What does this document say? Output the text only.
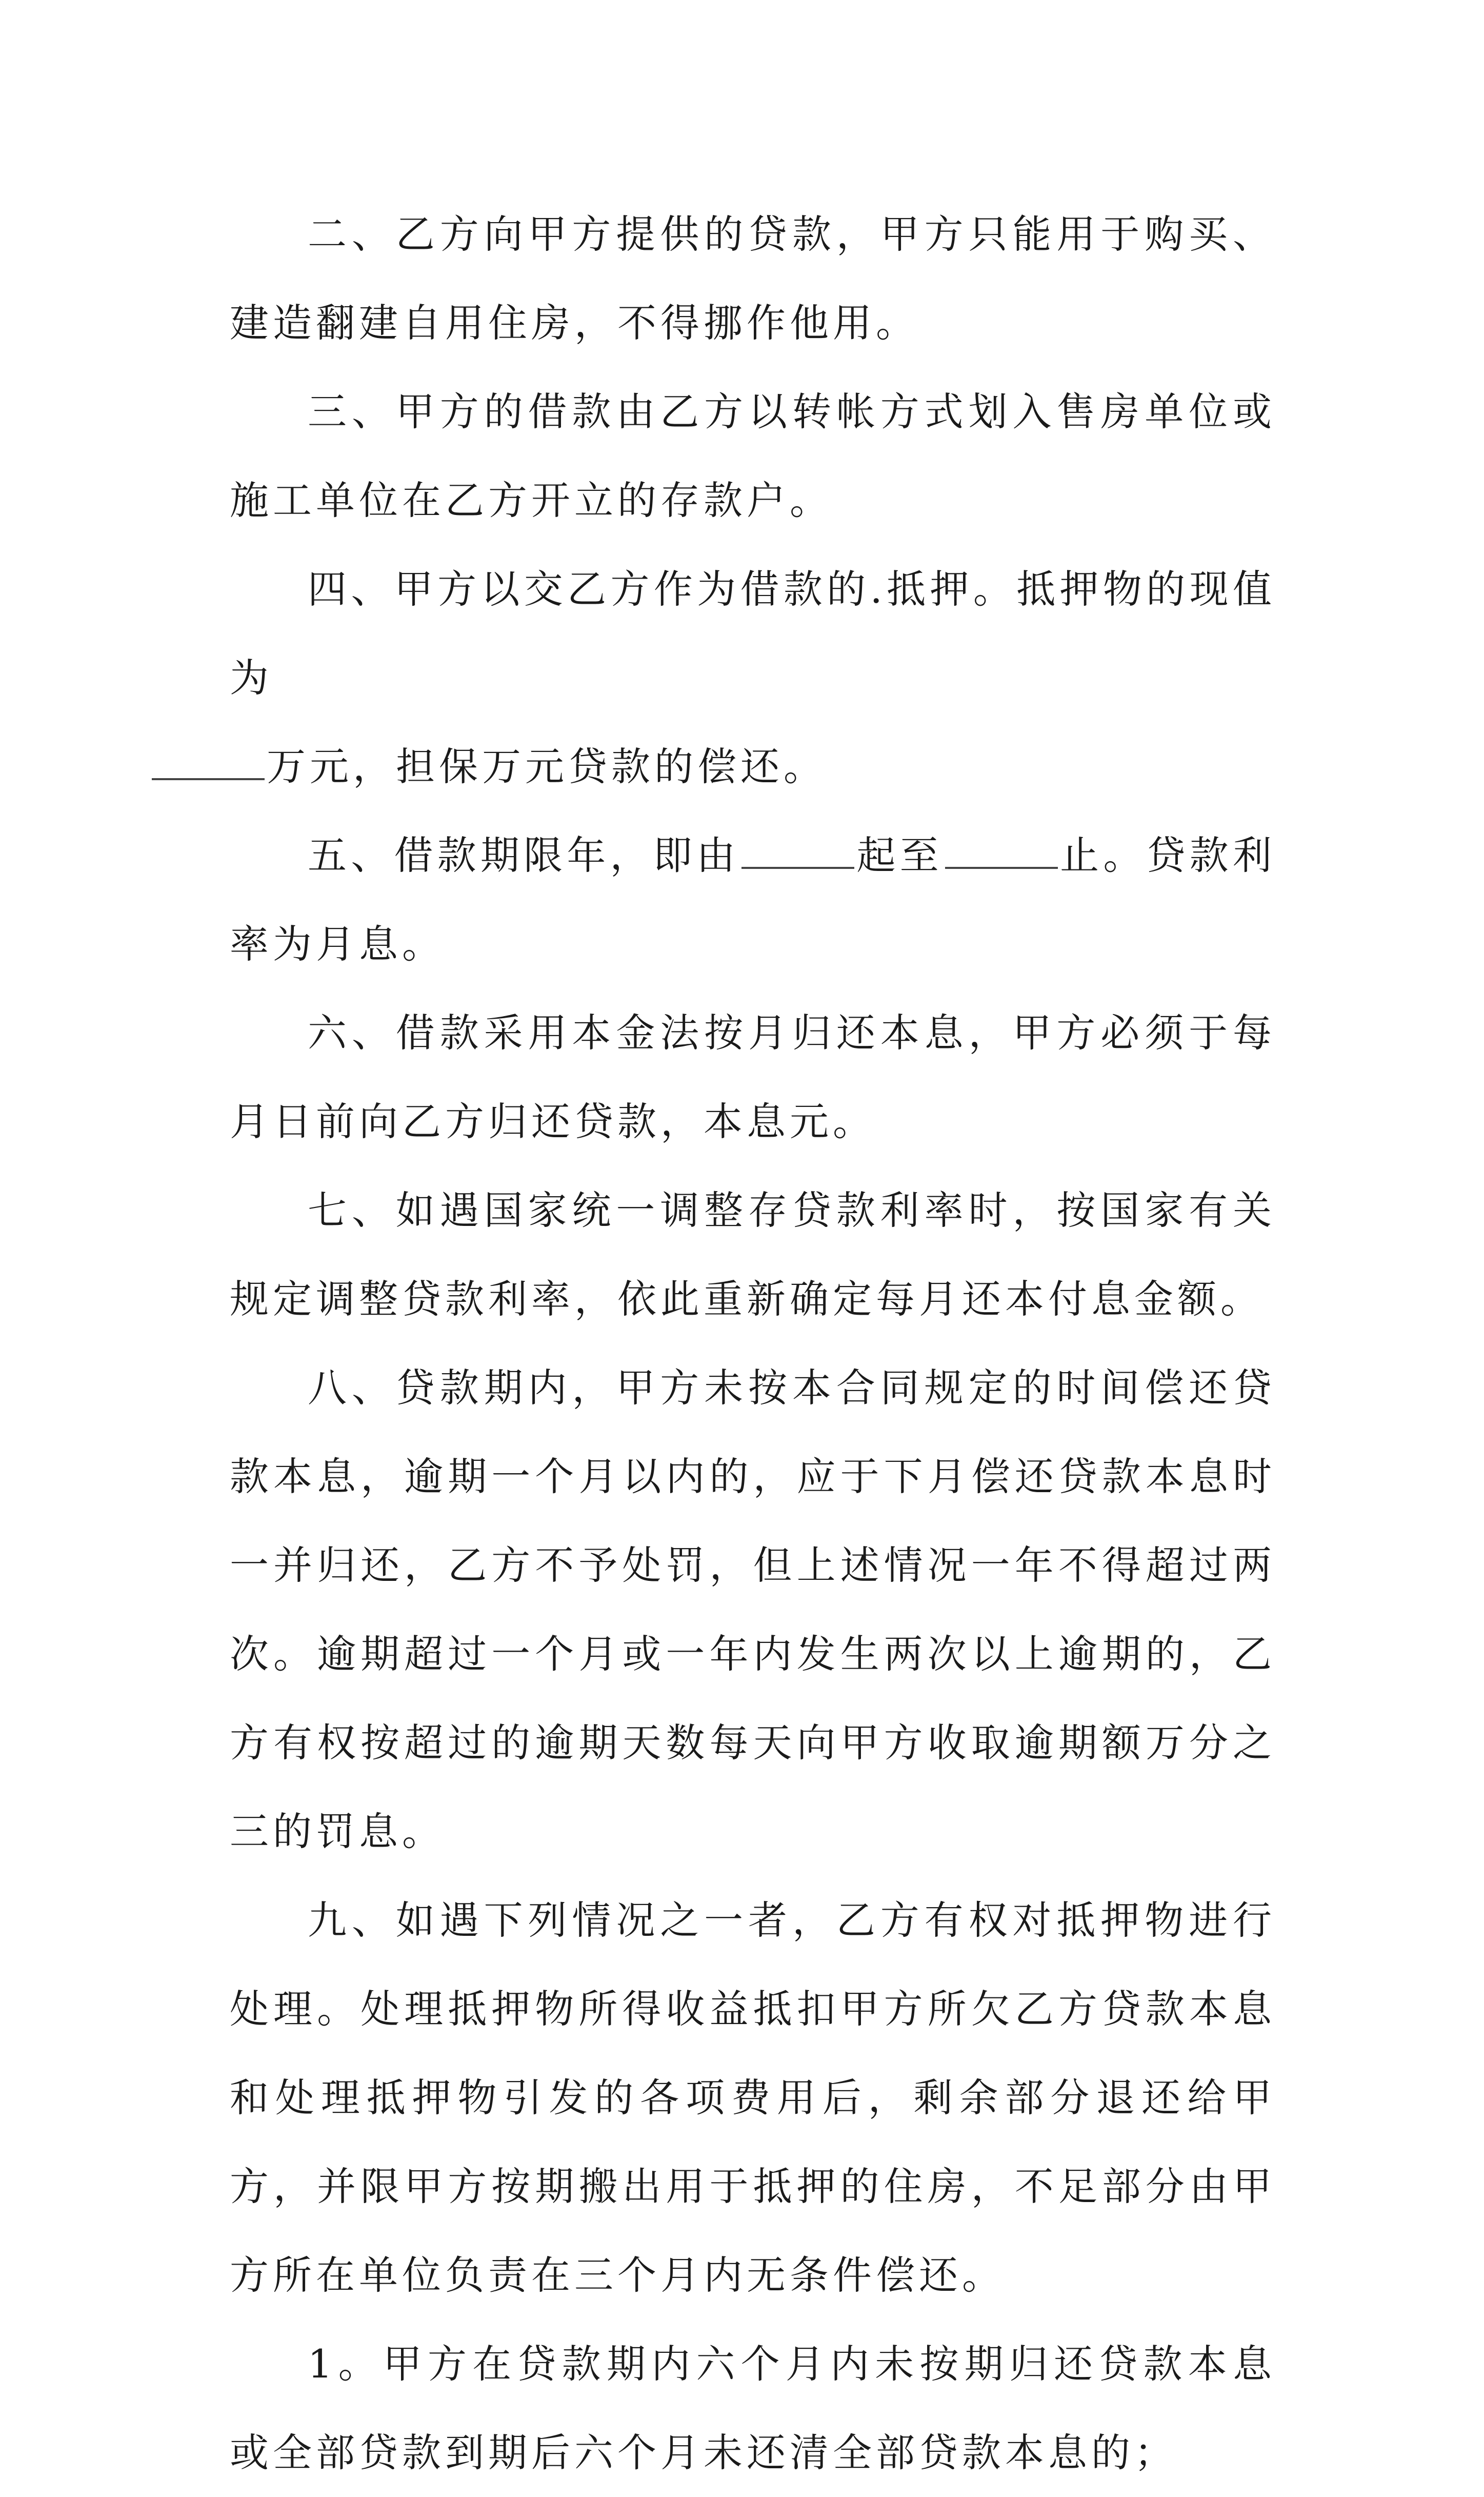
二、乙方向甲方提供的贷款，甲方只能用于购买、建造翻建自用住房，不得挪作他用。

三、甲方的借款由乙方以转帐方式划入售房单位或施工单位在乙方开立的存款户。

四、甲方以交乙方作为借款的.抵押。抵押物的现值为
万元，担保万元贷款的偿还。

五、借款期限年，即由	起至	止。贷款利率为月息。

六、借款采用本金法按月归还本息，甲方必须于每月日前向乙方归还贷款，本息元。

七、如遇国家统一调整存贷款利率时，按国家有关规定调整贷款利率，依此重新确定每月还本付息金额。

八、贷款期内，甲方未按本合同规定的时间偿还贷款本息，逾期一个月以内的，应于下月偿还贷款本息时一并归还，乙方不予处罚，但上述情况一年不得超过两次。逾期超过一个月或一年内发生两次以上逾期的，乙方有权按超过的逾期天数每天向甲方收取逾期额万分之三的罚息。

九、如遇下列情况之一者，乙方有权对抵押物进行处理。处理抵押物所得收益抵扣甲方所欠乙方贷款本息和处理抵押物引发的各项费用后，剩余部分退还给甲方，并限甲方按期搬出用于抵押的住房，不足部分由甲方所在单位负责在三个月内无条件偿还。

1。甲方在贷款期内六个月内未按期归还贷款本息或全部贷款到期后六个月未还清全部贷款本息的；
